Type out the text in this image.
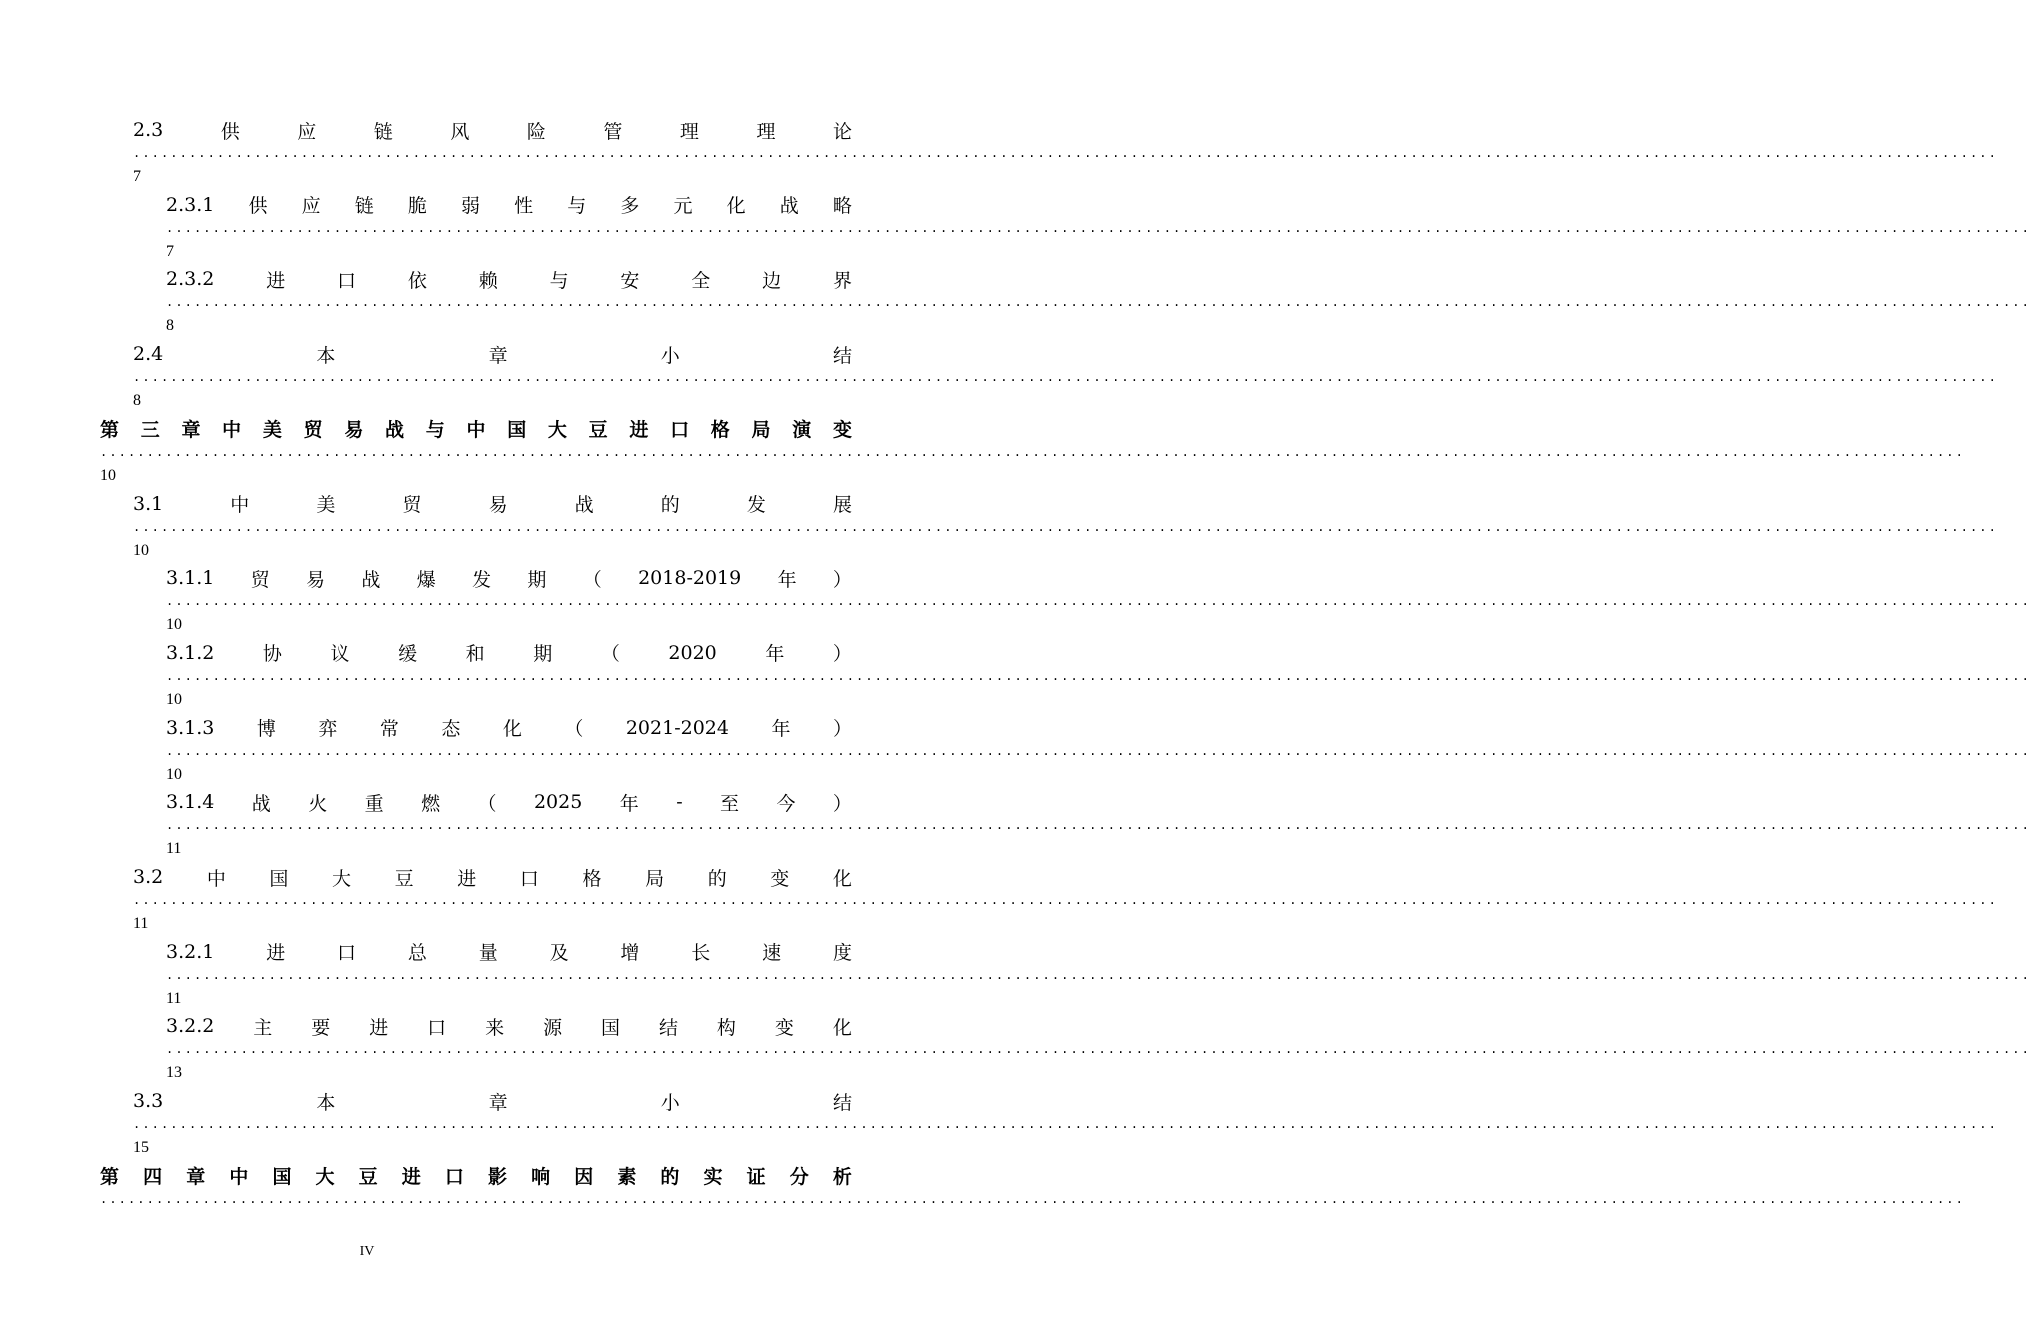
2.3	供	应	链	风	险	管	理	理	论
........................................................................................................................................................................................................
7
2.3.1 供 应 链 脆 弱 性 与 多 元 化 战 略
........................................................................................................................................................................................................
7
2.3.2	进	口	依	赖	与	安	全	边	界
........................................................................................................................................................................................................
8
2.4	本	章	小	结
........................................................................................................................................................................................................
8
第 三 章 中 美 贸 易 战 与 中 国 大 豆 进 口 格 局 演 变
........................................................................................................................................................................................................
10
3.1	中	美	贸	易	战	的	发	展
........................................................................................................................................................................................................
10
3.1.1 贸 易 战 爆 发 期 （ 2018-2019 年 ）
........................................................................................................................................................................................................
10
3.1.2	协	议	缓	和	期	（	2020	年	）
........................................................................................................................................................................................................
10
3.1.3 博 弈 常 态 化 （ 2021-2024 年 ）
........................................................................................................................................................................................................
10
3.1.4 战 火 重 燃 （ 2025 年 - 至 今 ）
........................................................................................................................................................................................................
11
3.2 中 国 大 豆 进 口 格 局 的 变 化
........................................................................................................................................................................................................
11
3.2.1	进	口	总	量	及	增	长	速	度
........................................................................................................................................................................................................
11
3.2.2 主 要 进 口 来 源 国 结 构 变 化
........................................................................................................................................................................................................
13
3.3	本	章	小	结
........................................................................................................................................................................................................
15
第 四 章 中 国 大 豆 进 口 影 响 因 素 的 实 证 分 析
........................................................................................................................................................................................................
IV
